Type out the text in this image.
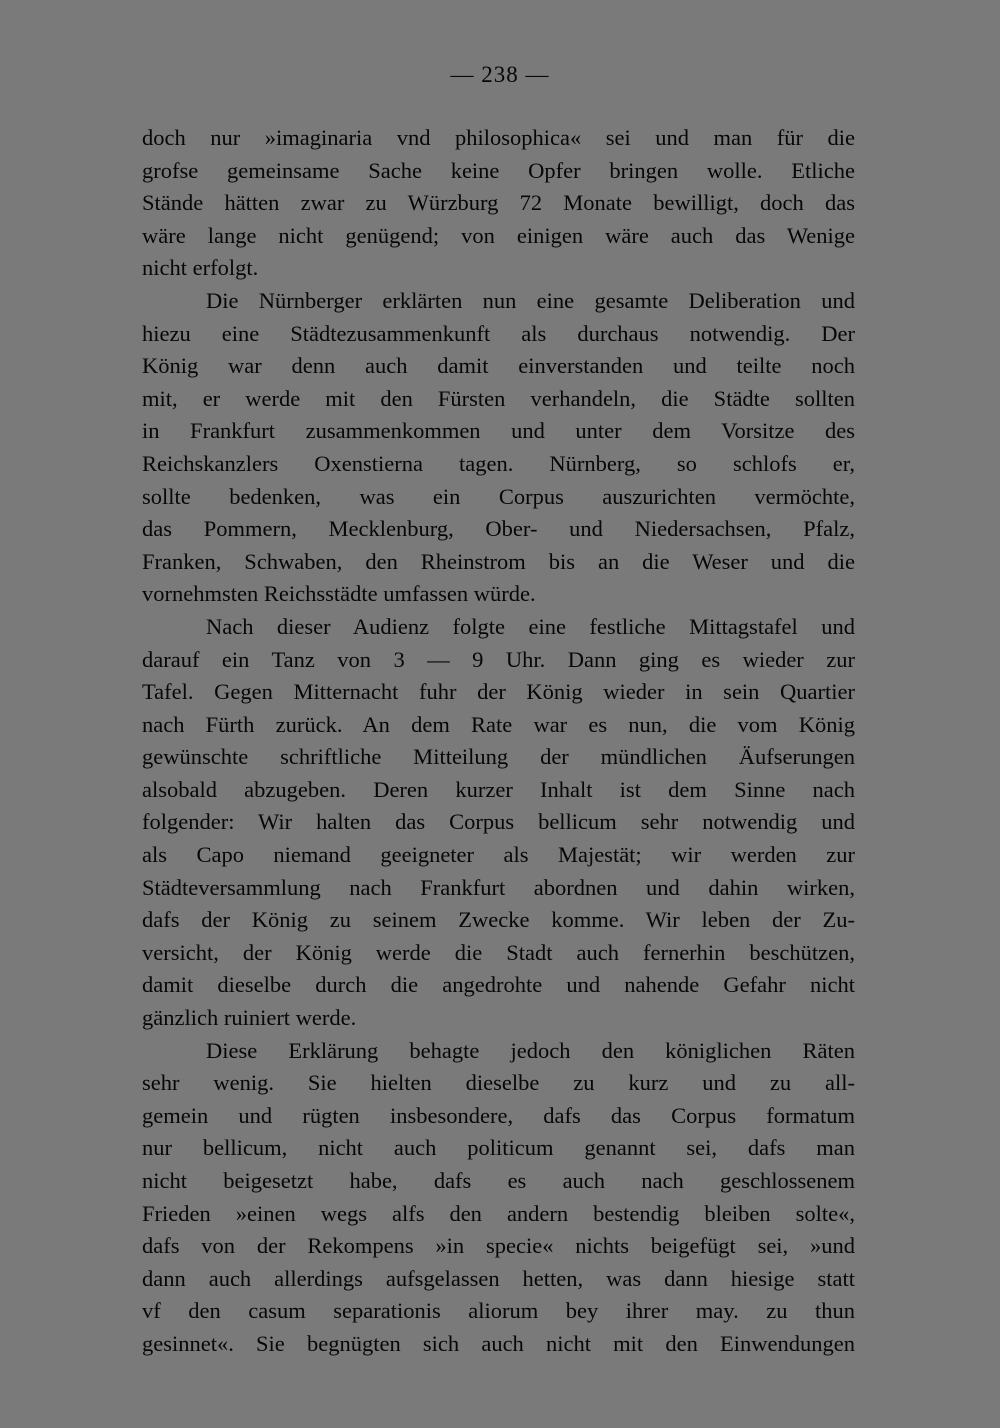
— 238 —
doch nur »imaginaria vnd philosophica« sei und man für die
grofse gemeinsame Sache keine Opfer bringen wolle. Etliche
Stände hätten zwar zu Würzburg 72 Monate bewilligt, doch das
wäre lange nicht genügend; von einigen wäre auch das Wenige
nicht erfolgt.
Die Nürnberger erklärten nun eine gesamte Deliberation und
hiezu eine Städtezusammenkunft als durchaus notwendig. Der
König war denn auch damit einverstanden und teilte noch
mit, er werde mit den Fürsten verhandeln, die Städte sollten
in Frankfurt zusammenkommen und unter dem Vorsitze des
Reichskanzlers Oxenstierna tagen. Nürnberg, so schlofs er,
sollte bedenken, was ein Corpus auszurichten vermöchte,
das Pommern, Mecklenburg, Ober- und Niedersachsen, Pfalz,
Franken, Schwaben, den Rheinstrom bis an die Weser und die
vornehmsten Reichsstädte umfassen würde.
Nach dieser Audienz folgte eine festliche Mittagstafel und
darauf ein Tanz von 3 — 9 Uhr. Dann ging es wieder zur
Tafel. Gegen Mitternacht fuhr der König wieder in sein Quartier
nach Fürth zurück. An dem Rate war es nun, die vom König
gewünschte schriftliche Mitteilung der mündlichen Äufserungen
alsobald abzugeben. Deren kurzer Inhalt ist dem Sinne nach
folgender: Wir halten das Corpus bellicum sehr notwendig und
als Capo niemand geeigneter als Majestät; wir werden zur
Städteversammlung nach Frankfurt abordnen und dahin wirken,
dafs der König zu seinem Zwecke komme. Wir leben der Zu-
versicht, der König werde die Stadt auch fernerhin beschützen,
damit dieselbe durch die angedrohte und nahende Gefahr nicht
gänzlich ruiniert werde.
Diese Erklärung behagte jedoch den königlichen Räten
sehr wenig. Sie hielten dieselbe zu kurz und zu all-
gemein und rügten insbesondere, dafs das Corpus formatum
nur bellicum, nicht auch politicum genannt sei, dafs man
nicht beigesetzt habe, dafs es auch nach geschlossenem
Frieden »einen wegs alfs den andern bestendig bleiben solte«,
dafs von der Rekompens »in specie« nichts beigefügt sei, »und
dann auch allerdings aufsgelassen hetten, was dann hiesige statt
vf den casum separationis aliorum bey ihrer may. zu thun
gesinnet«. Sie begnügten sich auch nicht mit den Einwendungen
